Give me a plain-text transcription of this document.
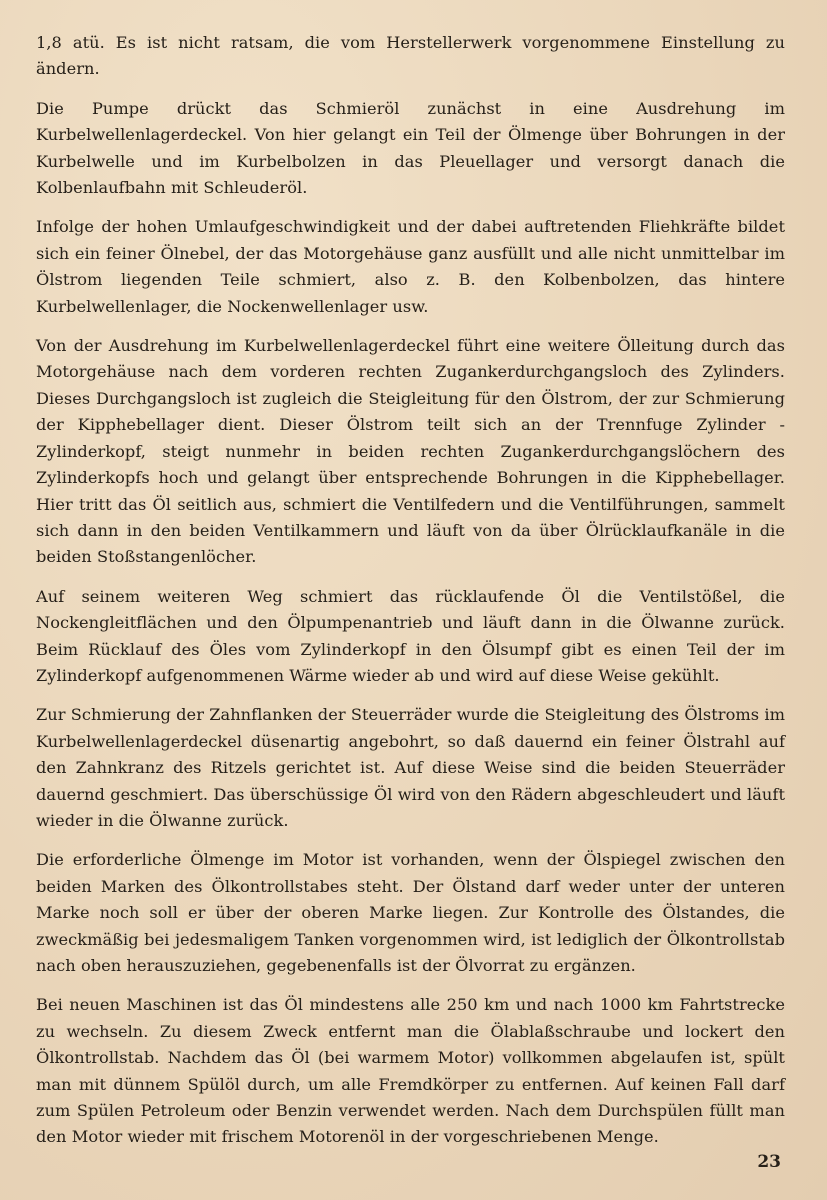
1,8 atü. Es ist nicht ratsam, die vom Herstellerwerk vorgenommene Einstellung zu ändern.

Die Pumpe drückt das Schmieröl zunächst in eine Ausdrehung im Kurbelwellenlagerdeckel. Von hier gelangt ein Teil der Ölmenge über Bohrungen in der Kurbelwelle und im Kurbelbolzen in das Pleuellager und versorgt danach die Kolbenlaufbahn mit Schleuderöl.

Infolge der hohen Umlaufgeschwindigkeit und der dabei auftretenden Fliehkräfte bildet sich ein feiner Ölnebel, der das Motorgehäuse ganz ausfüllt und alle nicht unmittelbar im Ölstrom liegenden Teile schmiert, also z. B. den Kolbenbolzen, das hintere Kurbelwellenlager, die Nockenwellenlager usw.

Von der Ausdrehung im Kurbelwellenlagerdeckel führt eine weitere Ölleitung durch das Motorgehäuse nach dem vorderen rechten Zugankerdurchgangsloch des Zylinders. Dieses Durchgangsloch ist zugleich die Steigleitung für den Ölstrom, der zur Schmierung der Kipphebellager dient. Dieser Ölstrom teilt sich an der Trennfuge Zylinder - Zylinderkopf, steigt nunmehr in beiden rechten Zugankerdurchgangslöchern des Zylinderkopfs hoch und gelangt über entsprechende Bohrungen in die Kipphebellager. Hier tritt das Öl seitlich aus, schmiert die Ventilfedern und die Ventilführungen, sammelt sich dann in den beiden Ventilkammern und läuft von da über Ölrücklaufkanäle in die beiden Stoßstangenlöcher.

Auf seinem weiteren Weg schmiert das rücklaufende Öl die Ventilstößel, die Nockengleitflächen und den Ölpumpenantrieb und läuft dann in die Ölwanne zurück. Beim Rücklauf des Öles vom Zylinderkopf in den Ölsumpf gibt es einen Teil der im Zylinderkopf aufgenommenen Wärme wieder ab und wird auf diese Weise gekühlt.

Zur Schmierung der Zahnflanken der Steuerräder wurde die Steigleitung des Ölstroms im Kurbelwellenlagerdeckel düsenartig angebohrt, so daß dauernd ein feiner Ölstrahl auf den Zahnkranz des Ritzels gerichtet ist. Auf diese Weise sind die beiden Steuerräder dauernd geschmiert. Das überschüssige Öl wird von den Rädern abgeschleudert und läuft wieder in die Ölwanne zurück.

Die erforderliche Ölmenge im Motor ist vorhanden, wenn der Ölspiegel zwischen den beiden Marken des Ölkontrollstabes steht. Der Ölstand darf weder unter der unteren Marke noch soll er über der oberen Marke liegen. Zur Kontrolle des Ölstandes, die zweckmäßig bei jedesmaligem Tanken vorgenommen wird, ist lediglich der Ölkontrollstab nach oben herauszuziehen, gegebenenfalls ist der Ölvorrat zu ergänzen.

Bei neuen Maschinen ist das Öl mindestens alle 250 km und nach 1000 km Fahrtstrecke zu wechseln. Zu diesem Zweck entfernt man die Ölablaßschraube und lockert den Ölkontrollstab. Nachdem das Öl (bei warmem Motor) vollkommen abgelaufen ist, spült man mit dünnem Spülöl durch, um alle Fremdkörper zu entfernen. Auf keinen Fall darf zum Spülen Petroleum oder Benzin verwendet werden. Nach dem Durchspülen füllt man den Motor wieder mit frischem Motorenöl in der vorgeschriebenen Menge.

23
